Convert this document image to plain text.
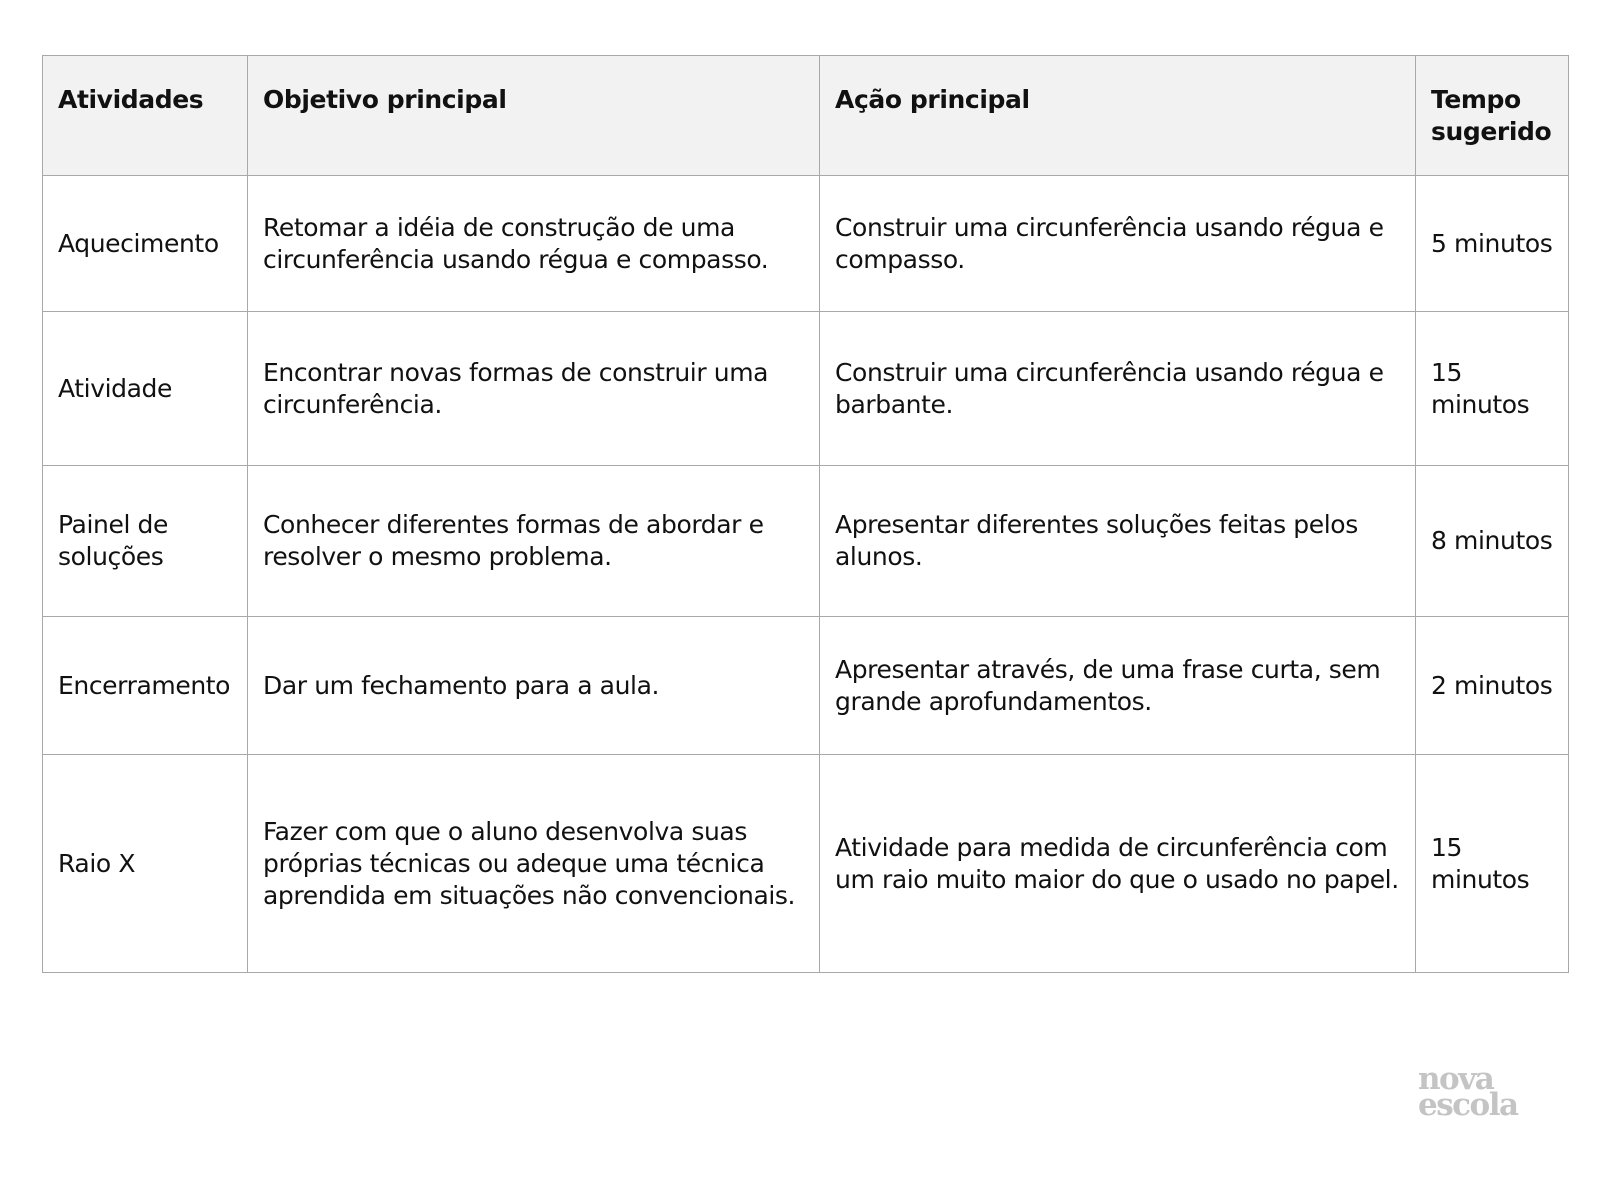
Atividades	Objetivo principal	Ação principal	Tempo sugerido
Aquecimento	Retomar a idéia de construção de uma circunferência usando régua e compasso.	Construir uma circunferência usando régua e compasso.	5 minutos
Atividade	Encontrar novas formas de construir uma circunferência.	Construir uma circunferência usando régua e barbante.	15 minutos
Painel de soluções	Conhecer diferentes formas de abordar e resolver o mesmo problema.	Apresentar diferentes soluções feitas pelos alunos.	8 minutos
Encerramento	Dar um fechamento para a aula.	Apresentar através, de uma frase curta, sem grande aprofundamentos.	2 minutos
Raio X	Fazer com que o aluno desenvolva suas próprias técnicas ou adeque uma técnica aprendida em situações não convencionais.	Atividade para medida de circunferência com um raio muito maior do que o usado no papel.	15 minutos
nova
escola
